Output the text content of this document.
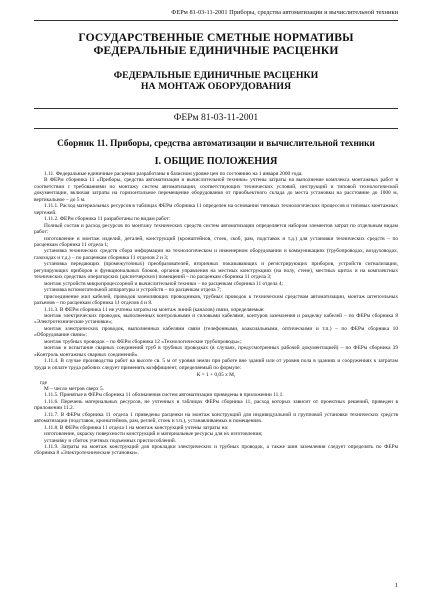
ФЕРм 81-03-11-2001 Приборы, средства автоматизации и вычислительной техники
ГОСУДАРСТВЕННЫЕ СМЕТНЫЕ НОРМАТИВЫ
ФЕДЕРАЛЬНЫЕ ЕДИНИЧНЫЕ РАСЦЕНКИ
ФЕДЕРАЛЬНЫЕ ЕДИНИЧНЫЕ РАСЦЕНКИ
НА МОНТАЖ ОБОРУДОВАНИЯ
ФЕРм 81-03-11-2001
Сборник 11. Приборы, средства автоматизации и вычислительной техники
I. ОБЩИЕ ПОЛОЖЕНИЯ

1.11. Федеральные единичные расценки разработаны в базисном уровне цен по состоянию на 1 января 2000 года.

В ФЕРм сборника 11 «Приборы, средства автоматизации и вычислительной техники» учтены затраты на выполнение комплекса монтажных работ в соответствии с требованиями по монтажу систем автоматизации, соответствующих технических условий, инструкций и типовой технологической документации, включая затраты на горизонтальное перемещение оборудования от приобъектного склада до места установки на расстояние до 1000 м, вертикальное – до 5 м.

1.11.1. Расход материальных ресурсов в таблицах ФЕРм сборника 11 определен на основании типовых технологических процессов и типовых монтажных чертежей.

1.11.2. ФЕРм сборника 11 разработаны по видам работ:

Полный состав и расход ресурсов по монтажу технических средств систем автоматизации определяется набором элементов затрат по отдельным видам работ:

изготовление и монтаж изделий, деталей, конструкций (кронштейнов, стоек, скоб, рам, подставок и т.д.) для установки технических средств – по расценкам сборника 11 отдела 1;

установка технических средств сбора информации на технологическом и инженерном оборудовании и коммуникациях (трубопроводах, воздуховодах, газоходах и т.д.) – по расценкам сборника 11 отделов 2 и 3;

установка передающих (промежуточных) преобразователей, вторичных показывающих и регистрирующих приборов, устройств сигнализации, регулирующих приборов и функциональных блоков, органов управления на местных конструкциях (на полу, стене), местных щитах и на комплектных технических средствах операторских (диспетчерских) помещений – по расценкам сборника 11 отдела 3;

монтаж устройств микропроцессорной и вычислительной техники – по расценкам сборника 11 отдела 4;

установка вспомогательной аппаратуры и устройств – по расценкам отдела 7;

присоединение жил кабелей, проводов заземляющих проводников, трубных проводок к техническим средствам автоматизации, монтаж штепсельных разъемов – по расценкам сборника 11 отделов 4 и 8.

1.11.3. В ФЕРм сборника 11 не учтены затраты на монтаж линий (каналов) связи, определяемые:

монтаж электрических проводок, выполненных контрольными и силовыми кабелями, контуров заземления и разделку кабелей – по ФЕРм сборника 8 «Электротехнические установки»;

монтаж электрических проводок, выполненных кабелями связи (телефонными, коаксиальными, оптическими и т.п.) – по ФЕРм сборника 10 «Оборудование связи»;

монтаж трубных проводок – по ФЕРм сборника 12 «Технологические трубопроводы»;

монтаж и испытание сварных соединений труб в трубных проводках (в случаях, предусмотренных рабочей документацией) – по ФЕРм сборника 39 «Контроль монтажных сварных соединений».

1.11.4. В случае производства работ на высоте св. 5 м от уровня земли при работе вне зданий или от уровня пола в зданиях и сооружениях к затратам труда и оплате труда рабочих следует применять коэффициент, определяемый по формуле:

К = 1 + 0,05 х М,

где

М – число метров сверх 5.

1.11.5. Принятые в ФЕРм сборника 11 обозначения систем автоматизации приведены в приложении 11.1.

1.11.6. Перечень материальных ресурсов, не учтенных в таблицах ФЕРм сборника 11, расход которых зависит от проектных решений, приведен в приложении 11.2.

1.11.7. В ФЕРм сборника 11 отдела 1 приведены расценки на монтаж конструкций для индивидуальной и групповой установки технических средств автоматизации (подставок, кронштейнов, рам, реглей, стоек и т.п.), устанавливаемых в помещениях.

1.11.8. В ФЕРм сборника 11 отдела 1 на монтаж конструкций учтены затраты на:

изготовление, окраску поверхности конструкций и материальные ресурсы для их изготовления;

установку и сбиток учетных подъемных приспособлений.

1.11.9. Затраты на монтаж конструкций для прокладки электрических и трубных проводок, а также шин заземления следует определять по ФЕРм сборника 8 «Электротехнические установки».

1
